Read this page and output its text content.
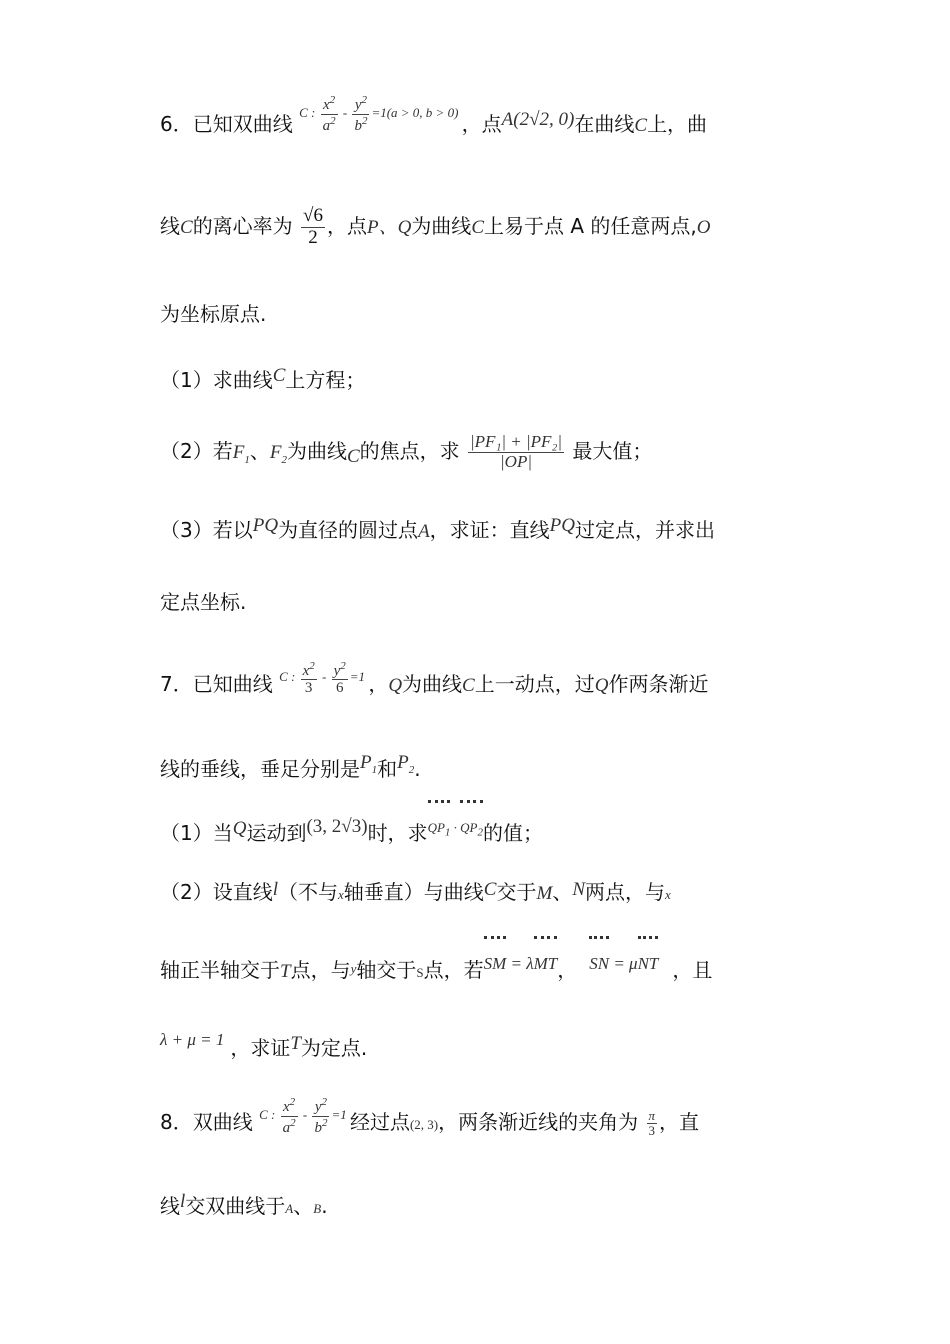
6．已知双曲线 $^{C : \frac{x^2}{a^2} - \frac{y^2}{b^2} =1(a > 0, b > 0)}$ ，点A(2√2, 0)在曲线C上，曲
线C的离心率为 $\frac{√6}{2}$ ，点P、Q为曲线C上易于点 A 的任意两点,O
为坐标原点.
（1）求曲线C上方程；
（2）若$F_1$、$F_2$为曲线C的焦点，求 $\frac{\text{|PF₁| + |PF₂|}}{|OP|}$ 最大值；
（3）若以PQ为直径的圆过点A，求证：直线PQ过定点，并求出
定点坐标.
7．已知曲线 $^{C : \frac{x^2}{3} - \frac{y^2}{6} =1}$ ，Q为曲线C上一动点，过Q作两条渐近
线的垂线，垂足分别是$P_1$和$P_2$.
（1）当Q运动到(3, 2√3)时，求$^{QP_1 \cdot QP_2}$的值；
（2）设直线l（不与x轴垂直）与曲线C交于M、N两点，与x
轴正半轴交于T点，与$^y$轴交于S点，若$^{SM = \lambda MT}$， $^{SN = \mu NT}$ ，且
$^{\lambda + \mu = 1}$ ，求证T为定点.
8．双曲线 $^{C : \frac{x^2}{a^2} - \frac{y^2}{b^2} =1}$ 经过点(2, 3)，两条渐近线的夹角为 $\frac{\pi}{3}$ ，直
线l交双曲线于A、B.
